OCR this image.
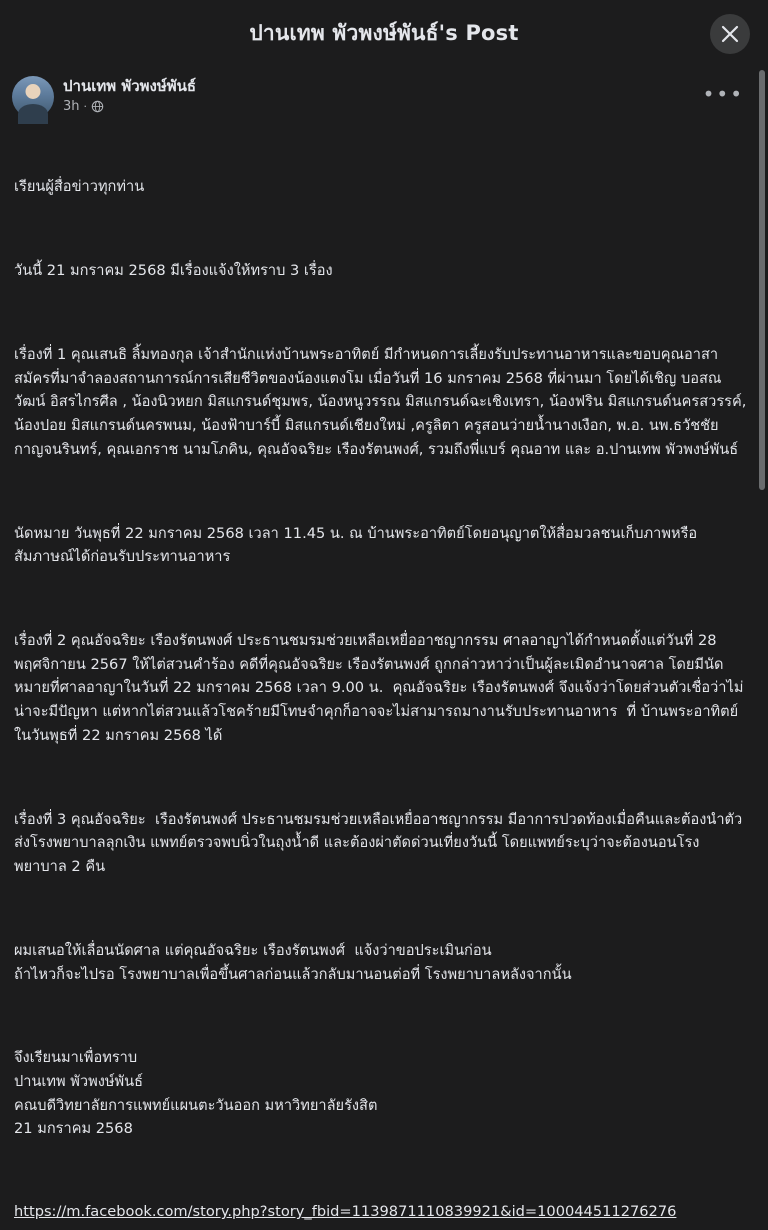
ปานเทพ พัวพงษ์พันธ์'s Post
ปานเทพ พัวพงษ์พันธ์
3h ·	•••

เรียนผู้สื่อข่าวทุกท่าน

วันนี้ 21 มกราคม 2568 มีเรื่องแจ้งให้ทราบ 3 เรื่อง

เรื่องที่ 1 คุณเสนธิ ลิ้มทองกุล เจ้าสำนักแห่งบ้านพระอาทิตย์ มีกำหนดการเลี้ยงรับประทานอาหารและขอบคุณอาสาสมัครที่มาจำลองสถานการณ์การเสียชีวิตของน้องแตงโม เมื่อวันที่ 16 มกราคม 2568 ที่ผ่านมา โดยได้เชิญ บอสณวัฒน์ อิสรไกรศีล , น้องนิวหยก มิสแกรนด์ชุมพร, น้องหนูวรรณ มิสแกรนด์ฉะเชิงเทรา, น้องฟริน มิสแกรนด์นครสวรรค์, น้องปอย มิสแกรนด์นครพนม, น้องฟ้าบาร์บี้ มิสแกรนด์เชียงใหม่ ,ครูลิตา ครูสอนว่ายน้ำนางเงือก, พ.อ. นพ.ธวัชชัย กาญจนรินทร์, คุณเอกราช นามโภคิน, คุณอัจฉริยะ เรืองรัตนพงศ์, รวมถึงพี่แบร์ คุณอาท และ อ.ปานเทพ พัวพงษ์พันธ์

นัดหมาย วันพุธที่ 22 มกราคม 2568 เวลา 11.45 น. ณ บ้านพระอาทิตย์โดยอนุญาตให้สื่อมวลชนเก็บภาพหรือสัมภาษณ์ได้ก่อนรับประทานอาหาร

เรื่องที่ 2 คุณอัจฉริยะ เรืองรัตนพงศ์ ประธานชมรมช่วยเหลือเหยื่ออาชญากรรม ศาลอาญาได้กำหนดตั้งแต่วันที่ 28 พฤศจิกายน 2567 ให้ไต่สวนคำร้อง คดีที่คุณอัจฉริยะ เรืองรัตนพงศ์ ถูกกล่าวหาว่าเป็นผู้ละเมิดอำนาจศาล โดยมีนัดหมายที่ศาลอาญาในวันที่ 22 มกราคม 2568 เวลา 9.00 น.  คุณอัจฉริยะ เรืองรัตนพงศ์ จึงแจ้งว่าโดยส่วนตัวเชื่อว่าไม่น่าจะมีปัญหา แต่หากไต่สวนแล้วโชคร้ายมีโทษจำคุกก็อาจจะไม่สามารถมางานรับประทานอาหาร  ที่ บ้านพระอาทิตย์ในวันพุธที่ 22 มกราคม 2568 ได้

เรื่องที่ 3 คุณอัจฉริยะ  เรืองรัตนพงศ์ ประธานชมรมช่วยเหลือเหยื่ออาชญากรรม มีอาการปวดท้องเมื่อคืนและต้องนำตัวส่งโรงพยาบาลลุกเงิน แพทย์ตรวจพบนิ่วในถุงน้ำดี และต้องผ่าตัดด่วนเที่ยงวันนี้ โดยแพทย์ระบุว่าจะต้องนอนโรงพยาบาล 2 คืน

ผมเสนอให้เลื่อนนัดศาล แต่คุณอัจฉริยะ เรืองรัตนพงศ์  แจ้งว่าขอประเมินก่อน
ถ้าไหวก็จะไปรอ โรงพยาบาลเพื่อขึ้นศาลก่อนแล้วกลับมานอนต่อที่ โรงพยาบาลหลังจากนั้น

จึงเรียนมาเพื่อทราบ
ปานเทพ พัวพงษ์พันธ์
คณบดีวิทยาลัยการแพทย์แผนตะวันออก มหาวิทยาลัยรังสิต
21 มกราคม 2568

https://m.facebook.com/story.php?story_fbid=1139871110839921&id=100044511276276
